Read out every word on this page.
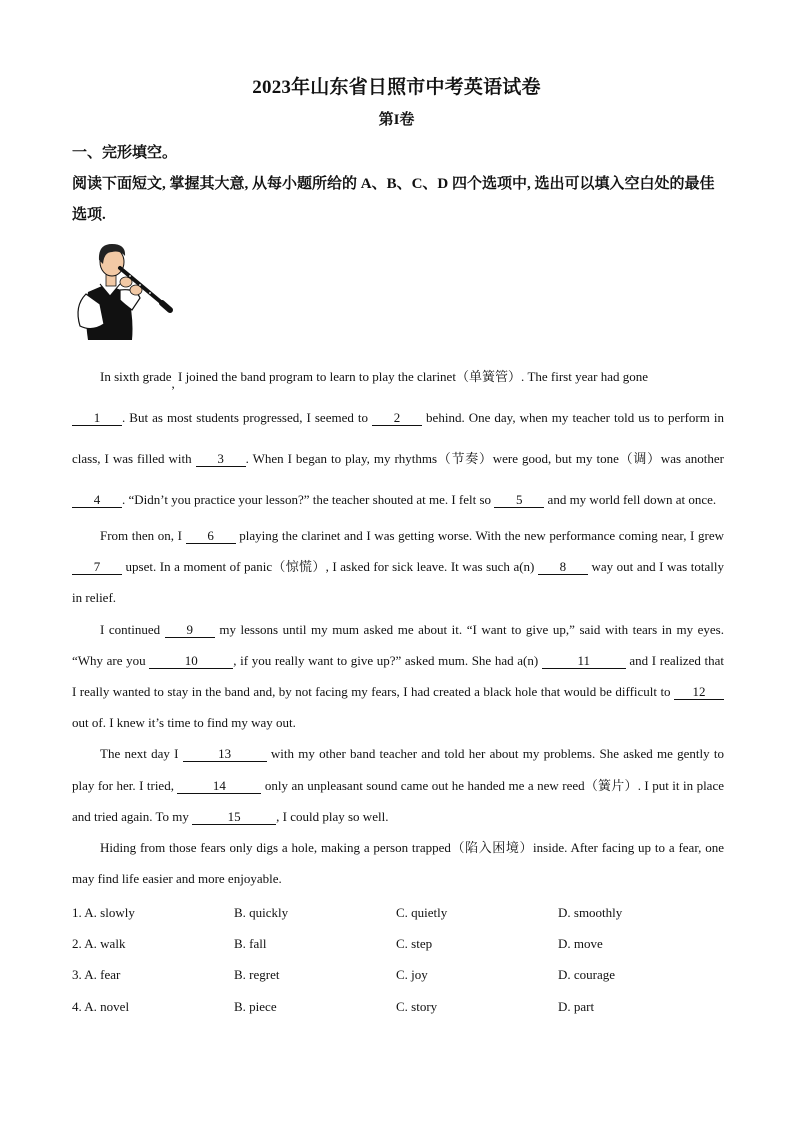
2023年山东省日照市中考英语试卷
第I卷
一、完形填空。
阅读下面短文, 掌握其大意, 从每小题所给的 A、B、C、D 四个选项中, 选出可以填入空白处的最佳选项.

In sixth grade, I joined the band program to learn to play the clarinet（单簧管）. The first year had gone
1 . But as most students progressed, I seemed to 2 behind. One day, when my teacher told us to perform in class, I was filled with 3 . When I began to play, my rhythms（节奏）were good, but my tone（调）was another 4 . “Didn’t you practice your lesson?” the teacher shouted at me. I felt so 5 and my world fell down at once.

From then on, I 6 playing the clarinet and I was getting worse. With the new performance coming near, I grew 7 upset. In a moment of panic（惊慌）, I asked for sick leave. It was such a(n) 8 way out and I was totally in relief.

I continued 9 my lessons until my mum asked me about it. “I want to give up,” said with tears in my eyes. “Why are you	10	, if you really want to give up?” asked mum. She had a(n)	11	and I realized that I really wanted to stay in the band and, by not facing my fears, I had created a black hole that would be difficult to 12 out of. I knew it’s time to find my way out.

The next day I	13	with my other band teacher and told her about my problems. She asked me gently to play for her. I tried,	14	only an unpleasant sound came out he handed me a new reed（簧片）. I put it in place and tried again. To my	15	, I could play so well.

Hiding from those fears only digs a hole, making a person trapped（陷入困境）inside. After facing up to a fear, one may find life easier and more enjoyable.

1. A. slowly	B. quickly	C. quietly	D. smoothly
2. A. walk	B. fall	C. step	D. move
3. A. fear	B. regret	C. joy	D. courage
4. A. novel	B. piece	C. story	D. part
